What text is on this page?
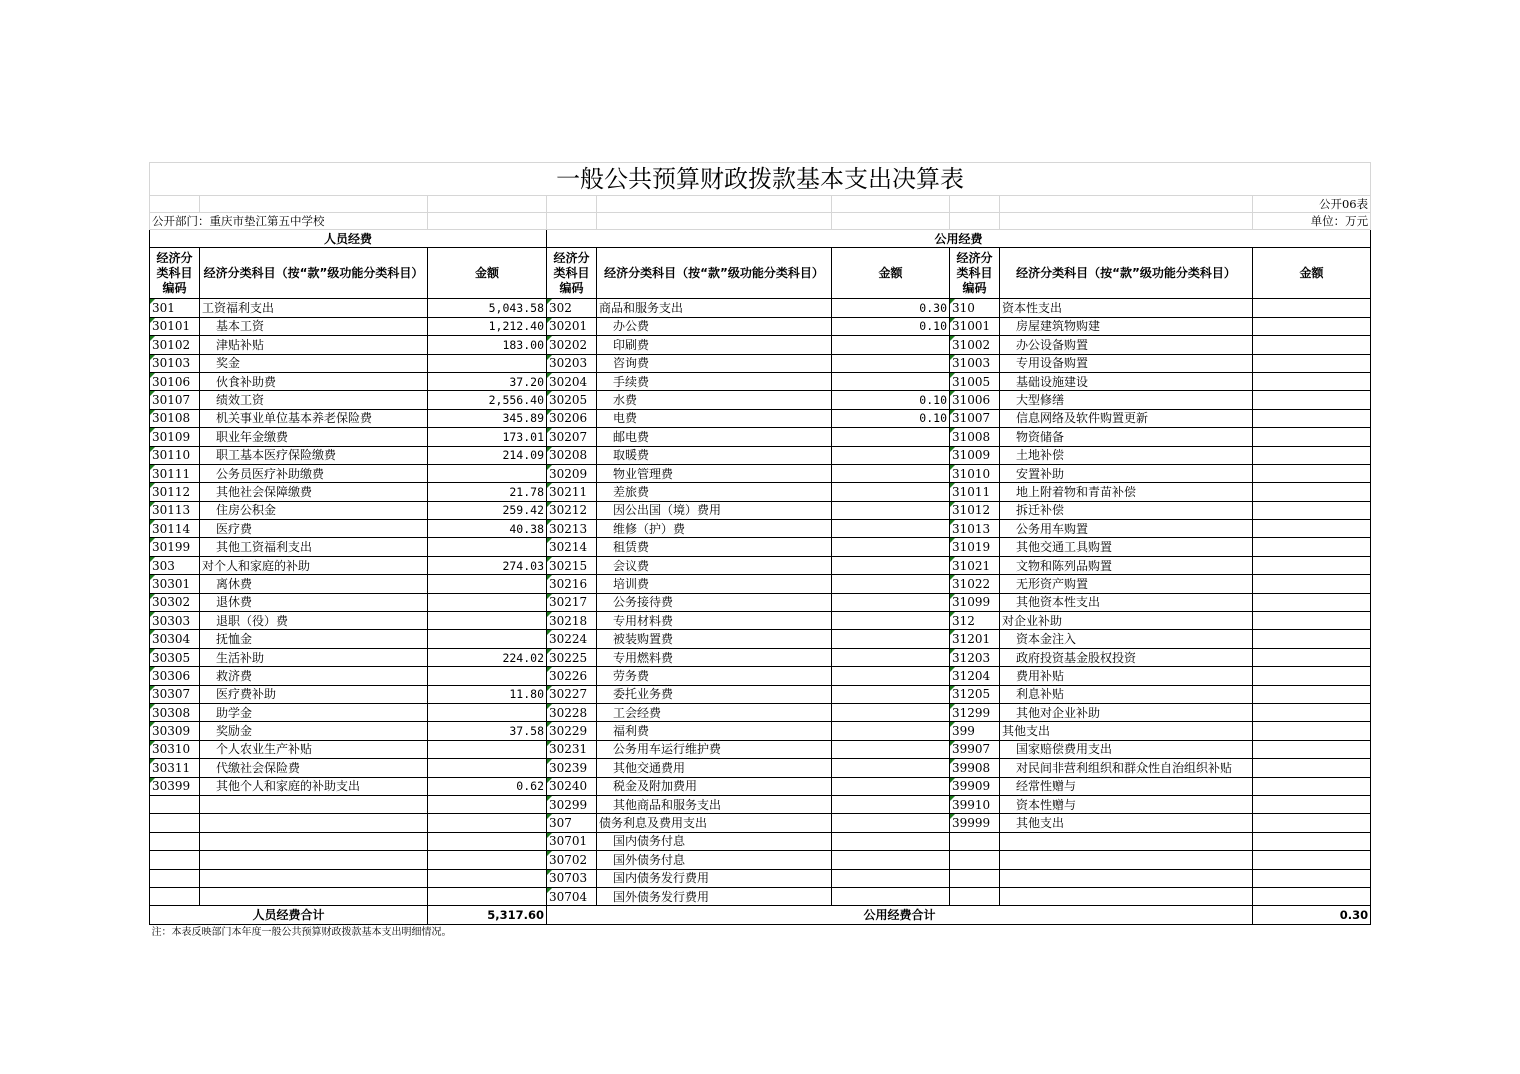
一般公共预算财政拨款基本支出决算表								
								公开06表
公开部门：重庆市垫江第五中学校								单位：万元
人员经费			公用经费					
经济分类科目编码	经济分类科目（按“款”级功能分类科目）	金额	经济分类科目编码	经济分类科目（按“款”级功能分类科目）	金额	经济分类科目编码	经济分类科目（按“款”级功能分类科目）	金额
301	工资福利支出	5,043.58	302	商品和服务支出	0.30	310	资本性支出	
30101	基本工资	1,212.40	30201	办公费	0.10	31001	房屋建筑物购建	
30102	津贴补贴	183.00	30202	印刷费		31002	办公设备购置	
30103	奖金		30203	咨询费		31003	专用设备购置	
30106	伙食补助费	37.20	30204	手续费		31005	基础设施建设	
30107	绩效工资	2,556.40	30205	水费	0.10	31006	大型修缮	
30108	机关事业单位基本养老保险费	345.89	30206	电费	0.10	31007	信息网络及软件购置更新	
30109	职业年金缴费	173.01	30207	邮电费		31008	物资储备	
30110	职工基本医疗保险缴费	214.09	30208	取暖费		31009	土地补偿	
30111	公务员医疗补助缴费		30209	物业管理费		31010	安置补助	
30112	其他社会保障缴费	21.78	30211	差旅费		31011	地上附着物和青苗补偿	
30113	住房公积金	259.42	30212	因公出国（境）费用		31012	拆迁补偿	
30114	医疗费	40.38	30213	维修（护）费		31013	公务用车购置	
30199	其他工资福利支出		30214	租赁费		31019	其他交通工具购置	
303	对个人和家庭的补助	274.03	30215	会议费		31021	文物和陈列品购置	
30301	离休费		30216	培训费		31022	无形资产购置	
30302	退休费		30217	公务接待费		31099	其他资本性支出	
30303	退职（役）费		30218	专用材料费		312	对企业补助	
30304	抚恤金		30224	被装购置费		31201	资本金注入	
30305	生活补助	224.02	30225	专用燃料费		31203	政府投资基金股权投资	
30306	救济费		30226	劳务费		31204	费用补贴	
30307	医疗费补助	11.80	30227	委托业务费		31205	利息补贴	
30308	助学金		30228	工会经费		31299	其他对企业补助	
30309	奖励金	37.58	30229	福利费		399	其他支出	
30310	个人农业生产补贴		30231	公务用车运行维护费		39907	国家赔偿费用支出	
30311	代缴社会保险费		30239	其他交通费用		39908	对民间非营利组织和群众性自治组织补贴	
30399	其他个人和家庭的补助支出	0.62	30240	税金及附加费用		39909	经常性赠与	
			30299	其他商品和服务支出		39910	资本性赠与	
			307	债务利息及费用支出		39999	其他支出	
			30701	国内债务付息				
			30702	国外债务付息				
			30703	国内债务发行费用				
			30704	国外债务发行费用				
人员经费合计		5,317.60	公用经费合计					0.30
注：本表反映部门本年度一般公共预算财政拨款基本支出明细情况。								
